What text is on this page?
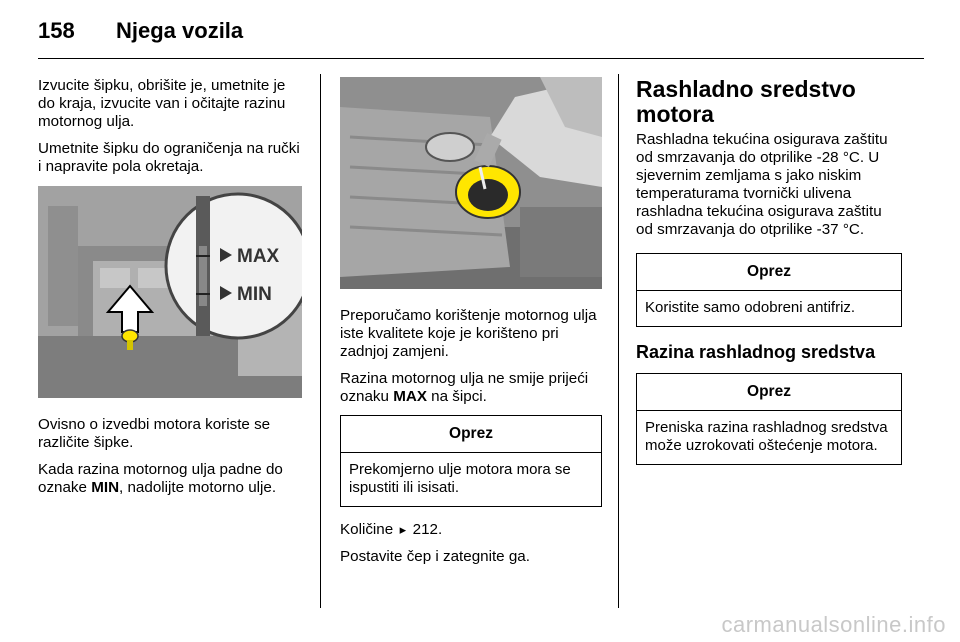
158 Njega vozila

Izvucite šipku, obrišite je, umetnite je do kraja, izvucite van i očitajte razinu motornog ulja.

Umetnite šipku do ograničenja na ručki i napravite pola okretaja.

MAX
MIN

Ovisno o izvedbi motora koriste se različite šipke.

Kada razina motornog ulja padne do oznake MIN, nadolijte motorno ulje.

Preporučamo korištenje motornog ulja iste kvalitete koje je korišteno pri zadnjoj zamjeni.

Razina motornog ulja ne smije prijeći oznaku MAX na šipci.

Oprez
Prekomjerno ulje motora mora se ispustiti ili isisati.

Količine ▸ 212.

Postavite čep i zategnite ga.

Rashladno sredstvo motora

Rashladna tekućina osigurava zaštitu od smrzavanja do otprilike -28 °C. U sjevernim zemljama s jako niskim temperaturama tvornički ulivena rashladna tekućina osigurava zaštitu od smrzavanja do otprilike -37 °C.

Oprez
Koristite samo odobreni antifriz.
Razina rashladnog sredstva
Oprez
Preniska razina rashladnog sredstva može uzrokovati oštećenje motora.
carmanualsonline.info
